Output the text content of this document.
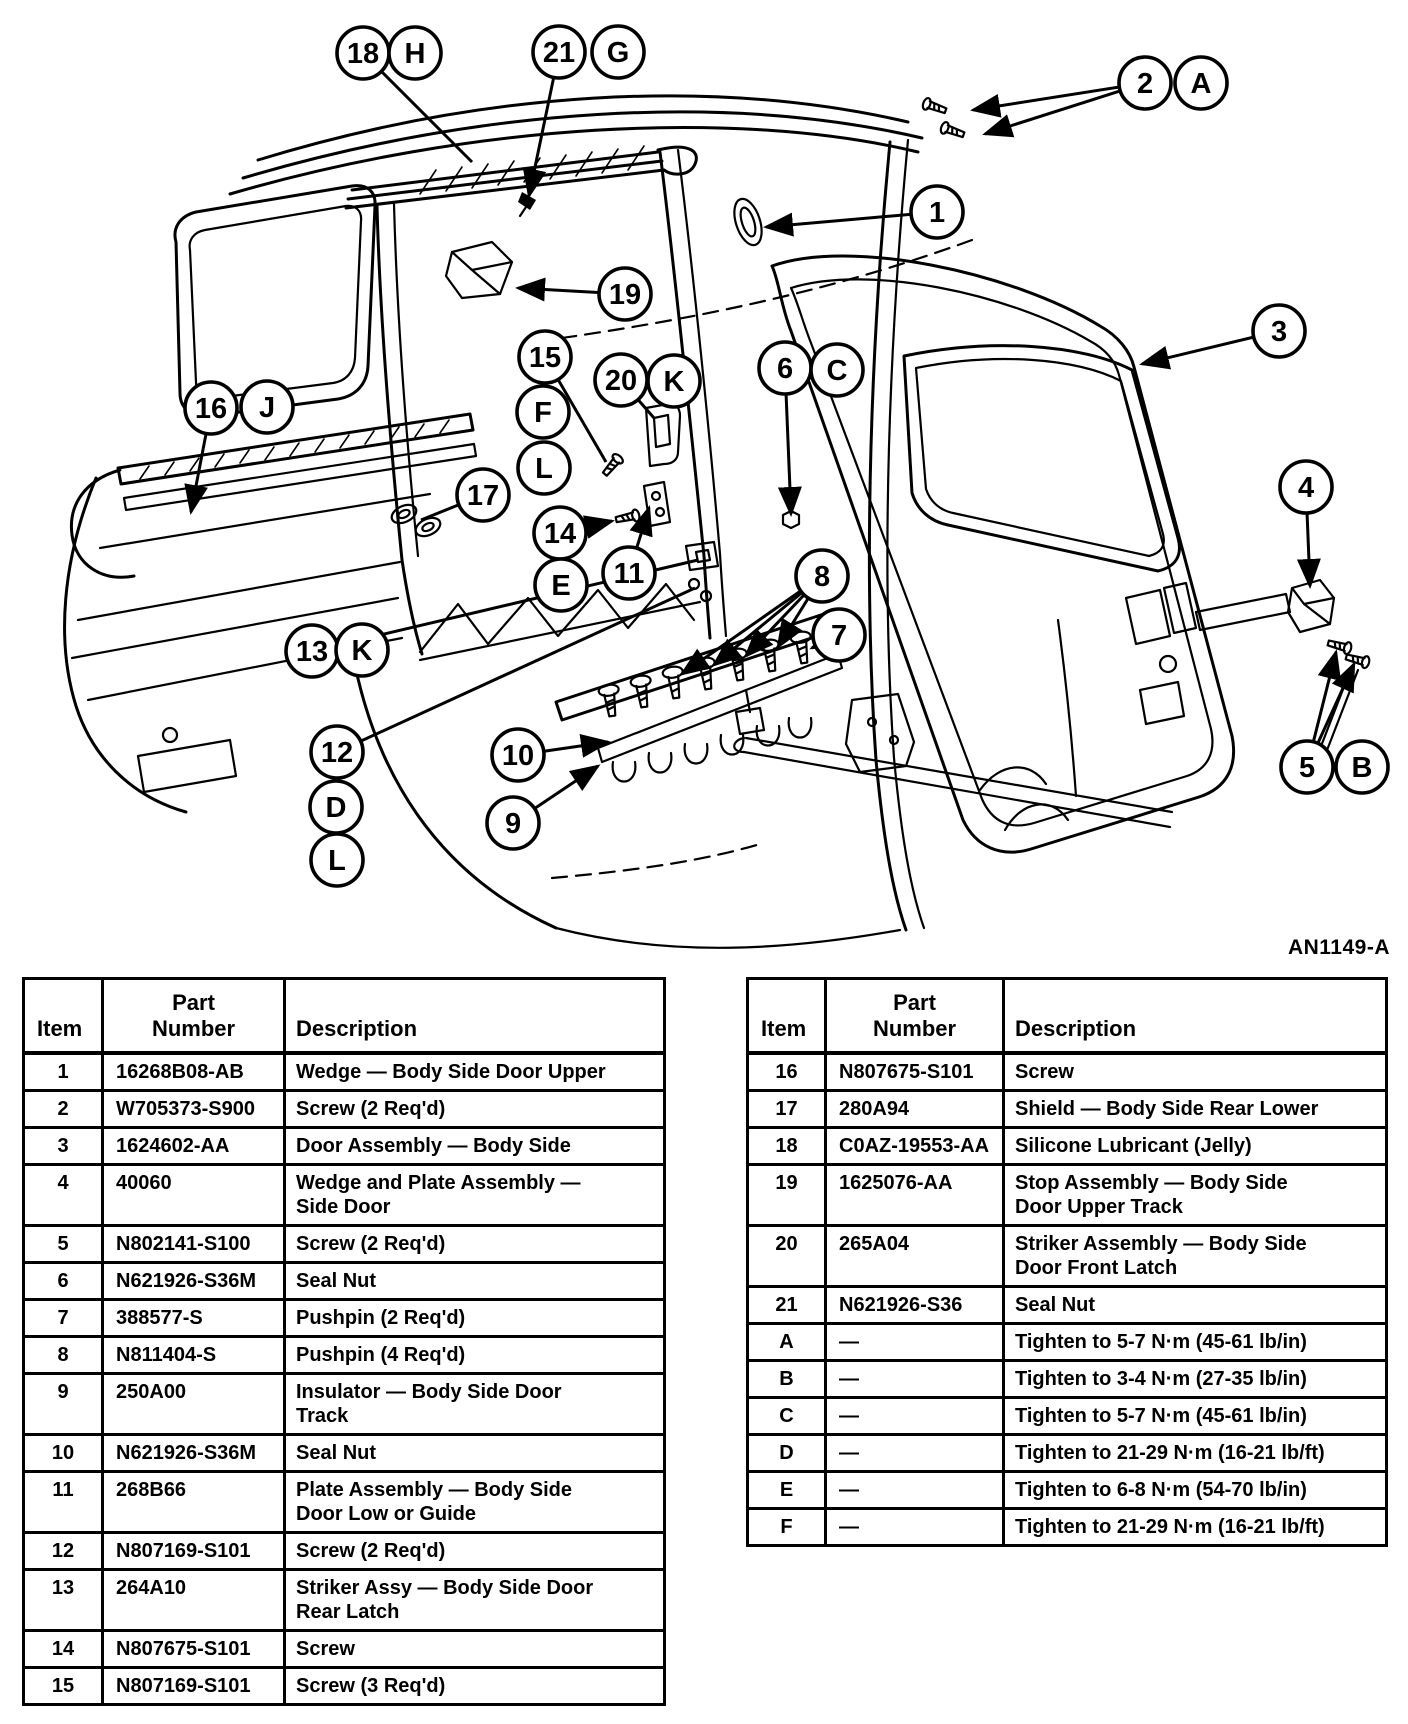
18 H	21 G
2 A
1
19
3
15	6 C
20 K
16 J	F
L
17	4
14
11	8
E
7
13 K
12	10	5 B
D	9
L
AN1149-A
Item	Part Number	Description
1	16268B08-AB	Wedge — Body Side Door Upper
2	W705373-S900	Screw (2 Req'd)
3	1624602-AA	Door Assembly — Body Side
4	40060	Wedge and Plate Assembly — Side Door
5	N802141-S100	Screw (2 Req'd)
6	N621926-S36M	Seal Nut
7	388577-S	Pushpin (2 Req'd)
8	N811404-S	Pushpin (4 Req'd)
9	250A00	Insulator — Body Side Door Track
10	N621926-S36M	Seal Nut
11	268B66	Plate Assembly — Body Side Door Low or Guide
12	N807169-S101	Screw (2 Req'd)
13	264A10	Striker Assy — Body Side Door Rear Latch
14	N807675-S101	Screw
15	N807169-S101	Screw (3 Req'd)
Item	Part Number	Description
16	N807675-S101	Screw
17	280A94	Shield — Body Side Rear Lower
18	C0AZ-19553-AA	Silicone Lubricant (Jelly)
19	1625076-AA	Stop Assembly — Body Side Door Upper Track
20	265A04	Striker Assembly — Body Side Door Front Latch
21	N621926-S36	Seal Nut
A	—	Tighten to 5-7 N·m (45-61 lb/in)
B	—	Tighten to 3-4 N·m (27-35 lb/in)
C	—	Tighten to 5-7 N·m (45-61 lb/in)
D	—	Tighten to 21-29 N·m (16-21 lb/ft)
E	—	Tighten to 6-8 N·m (54-70 lb/in)
F	—	Tighten to 21-29 N·m (16-21 lb/ft)
